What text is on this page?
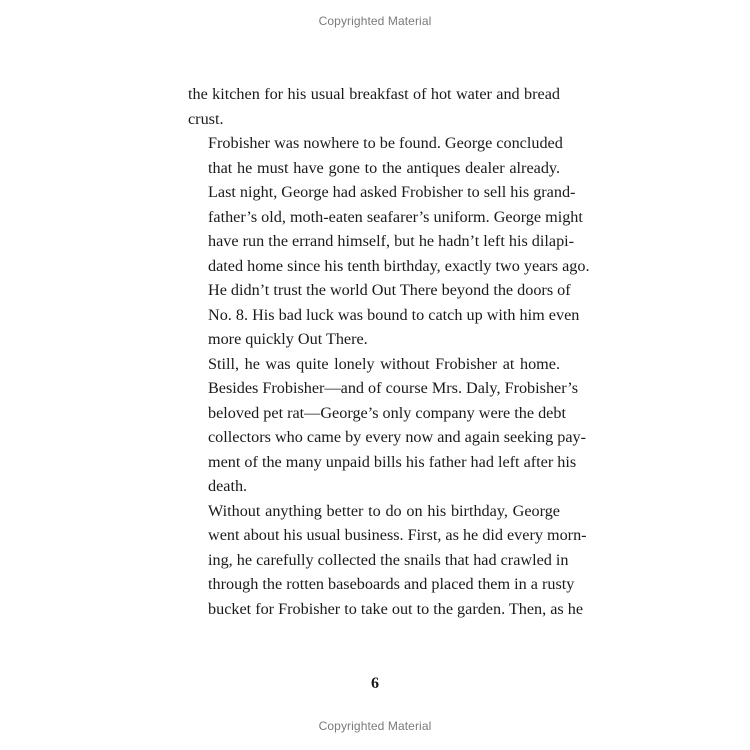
Copyrighted Material

the kitchen for his usual breakfast of hot water and bread
crust.

Frobisher was nowhere to be found. George concluded
that he must have gone to the antiques dealer already.
Last night, George had asked Frobisher to sell his grand-
father’s old, moth-eaten seafarer’s uniform. George might
have run the errand himself, but he hadn’t left his dilapi-
dated home since his tenth birthday, exactly two years ago.
He didn’t trust the world Out There beyond the doors of
No. 8. His bad luck was bound to catch up with him even
more quickly Out There.

Still, he was quite lonely without Frobisher at home.
Besides Frobisher—and of course Mrs. Daly, Frobisher’s
beloved pet rat—George’s only company were the debt
collectors who came by every now and again seeking pay-
ment of the many unpaid bills his father had left after his
death.

Without anything better to do on his birthday, George
went about his usual business. First, as he did every morn-
ing, he carefully collected the snails that had crawled in
through the rotten baseboards and placed them in a rusty
bucket for Frobisher to take out to the garden. Then, as he

6
Copyrighted Material
